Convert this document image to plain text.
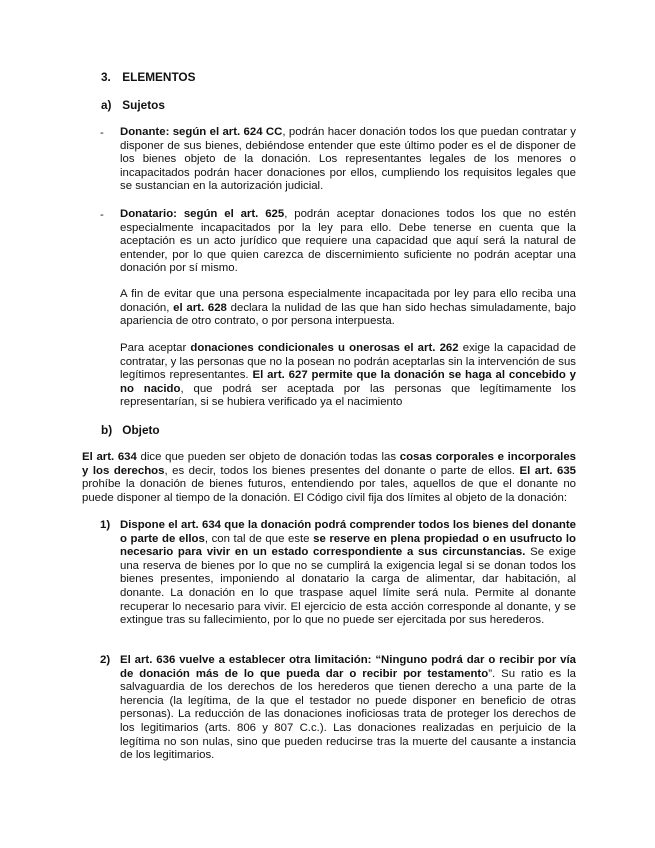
3. ELEMENTOS

a) Sujetos

- Donante: según el art. 624 CC, podrán hacer donación todos los que puedan contratar y disponer de sus bienes, debiéndose entender que este último poder es el de disponer de los bienes objeto de la donación. Los representantes legales de los menores o incapacitados podrán hacer donaciones por ellos, cumpliendo los requisitos legales que se sustancian en la autorización judicial.

- Donatario: según el art. 625, podrán aceptar donaciones todos los que no estén especialmente incapacitados por la ley para ello. Debe tenerse en cuenta que la aceptación es un acto jurídico que requiere una capacidad que aquí será la natural de entender, por lo que quien carezca de discernimiento suficiente no podrán aceptar una donación por sí mismo.

A fin de evitar que una persona especialmente incapacitada por ley para ello reciba una donación, el art. 628 declara la nulidad de las que han sido hechas simuladamente, bajo apariencia de otro contrato, o por persona interpuesta.

Para aceptar donaciones condicionales u onerosas el art. 262 exige la capacidad de contratar, y las personas que no la posean no podrán aceptarlas sin la intervención de sus legítimos representantes. El art. 627 permite que la donación se haga al concebido y no nacido, que podrá ser aceptada por las personas que legítimamente los representarían, si se hubiera verificado ya el nacimiento

b) Objeto

El art. 634 dice que pueden ser objeto de donación todas las cosas corporales e incorporales y los derechos, es decir, todos los bienes presentes del donante o parte de ellos. El art. 635 prohíbe la donación de bienes futuros, entendiendo por tales, aquellos de que el donante no puede disponer al tiempo de la donación. El Código civil fija dos límites al objeto de la donación:

1) Dispone el art. 634 que la donación podrá comprender todos los bienes del donante o parte de ellos, con tal de que este se reserve en plena propiedad o en usufructo lo necesario para vivir en un estado correspondiente a sus circunstancias. Se exige una reserva de bienes por lo que no se cumplirá la exigencia legal si se donan todos los bienes presentes, imponiendo al donatario la carga de alimentar, dar habitación, al donante. La donación en lo que traspase aquel límite será nula. Permite al donante recuperar lo necesario para vivir. El ejercicio de esta acción corresponde al donante, y se extingue tras su fallecimiento, por lo que no puede ser ejercitada por sus herederos.

2) El art. 636 vuelve a establecer otra limitación: “Ninguno podrá dar o recibir por vía de donación más de lo que pueda dar o recibir por testamento”. Su ratio es la salvaguardia de los derechos de los herederos que tienen derecho a una parte de la herencia (la legítima, de la que el testador no puede disponer en beneficio de otras personas). La reducción de las donaciones inoficiosas trata de proteger los derechos de los legitimarios (arts. 806 y 807 C.c.). Las donaciones realizadas en perjuicio de la legítima no son nulas, sino que pueden reducirse tras la muerte del causante a instancia de los legitimarios.
